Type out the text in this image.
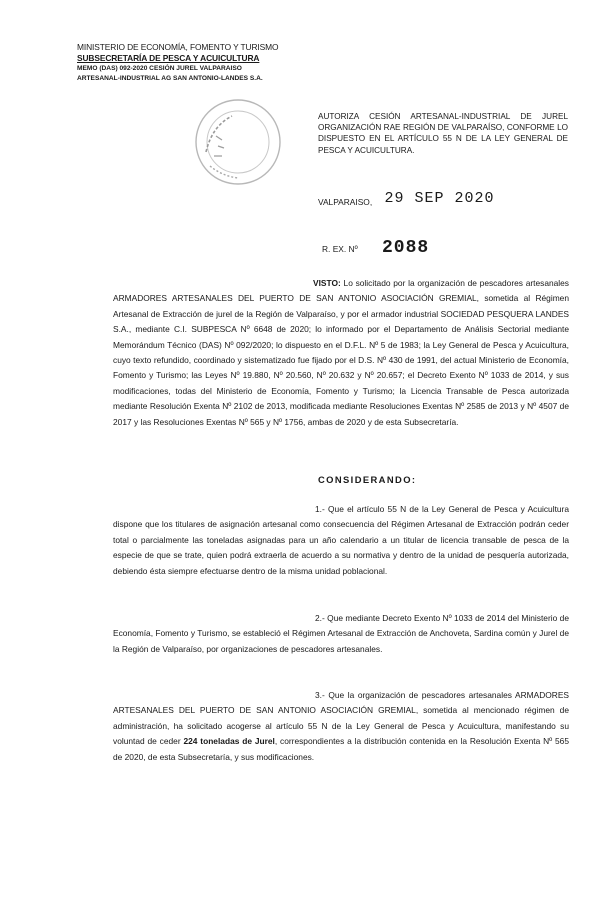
MINISTERIO DE ECONOMÍA, FOMENTO Y TURISMO
SUBSECRETARÍA DE PESCA Y ACUICULTURA
MEMO (DAS) 092-2020 CESIÓN JUREL VALPARAISO
ARTESANAL-INDUSTRIAL AG SAN ANTONIO-LANDES S.A.
AUTORIZA CESIÓN ARTESANAL-INDUSTRIAL DE JUREL ORGANIZACIÓN RAE REGIÓN DE VALPARAÍSO, CONFORME LO DISPUESTO EN EL ARTÍCULO 55 N DE LA LEY GENERAL DE PESCA Y ACUICULTURA.
VALPARAISO, 29 SEP 2020
R. EX. Nº 2088
VISTO: Lo solicitado por la organización de pescadores artesanales ARMADORES ARTESANALES DEL PUERTO DE SAN ANTONIO ASOCIACIÓN GREMIAL, sometida al Régimen Artesanal de Extracción de jurel de la Región de Valparaíso, y por el armador industrial SOCIEDAD PESQUERA LANDES S.A., mediante C.I. SUBPESCA Nº 6648 de 2020; lo informado por el Departamento de Análisis Sectorial mediante Memorándum Técnico (DAS) Nº 092/2020; lo dispuesto en el D.F.L. Nº 5 de 1983; la Ley General de Pesca y Acuicultura, cuyo texto refundido, coordinado y sistematizado fue fijado por el D.S. Nº 430 de 1991, del actual Ministerio de Economía, Fomento y Turismo; las Leyes Nº 19.880, Nº 20.560, Nº 20.632 y Nº 20.657; el Decreto Exento Nº 1033 de 2014, y sus modificaciones, todas del Ministerio de Economía, Fomento y Turismo; la Licencia Transable de Pesca autorizada mediante Resolución Exenta Nº 2102 de 2013, modificada mediante Resoluciones Exentas Nº 2585 de 2013 y Nº 4507 de 2017 y las Resoluciones Exentas Nº 565 y Nº 1756, ambas de 2020 y de esta Subsecretaría.
CONSIDERANDO:
1.- Que el artículo 55 N de la Ley General de Pesca y Acuicultura dispone que los titulares de asignación artesanal como consecuencia del Régimen Artesanal de Extracción podrán ceder total o parcialmente las toneladas asignadas para un año calendario a un titular de licencia transable de pesca de la especie de que se trate, quien podrá extraerla de acuerdo a su normativa y dentro de la unidad de pesquería autorizada, debiendo ésta siempre efectuarse dentro de la misma unidad poblacional.
2.- Que mediante Decreto Exento Nº 1033 de 2014 del Ministerio de Economía, Fomento y Turismo, se estableció el Régimen Artesanal de Extracción de Anchoveta, Sardina común y Jurel de la Región de Valparaíso, por organizaciones de pescadores artesanales.
3.- Que la organización de pescadores artesanales ARMADORES ARTESANALES DEL PUERTO DE SAN ANTONIO ASOCIACIÓN GREMIAL, sometida al mencionado régimen de administración, ha solicitado acogerse al artículo 55 N de la Ley General de Pesca y Acuicultura, manifestando su voluntad de ceder 224 toneladas de Jurel, correspondientes a la distribución contenida en la Resolución Exenta Nº 565 de 2020, de esta Subsecretaría, y sus modificaciones.
